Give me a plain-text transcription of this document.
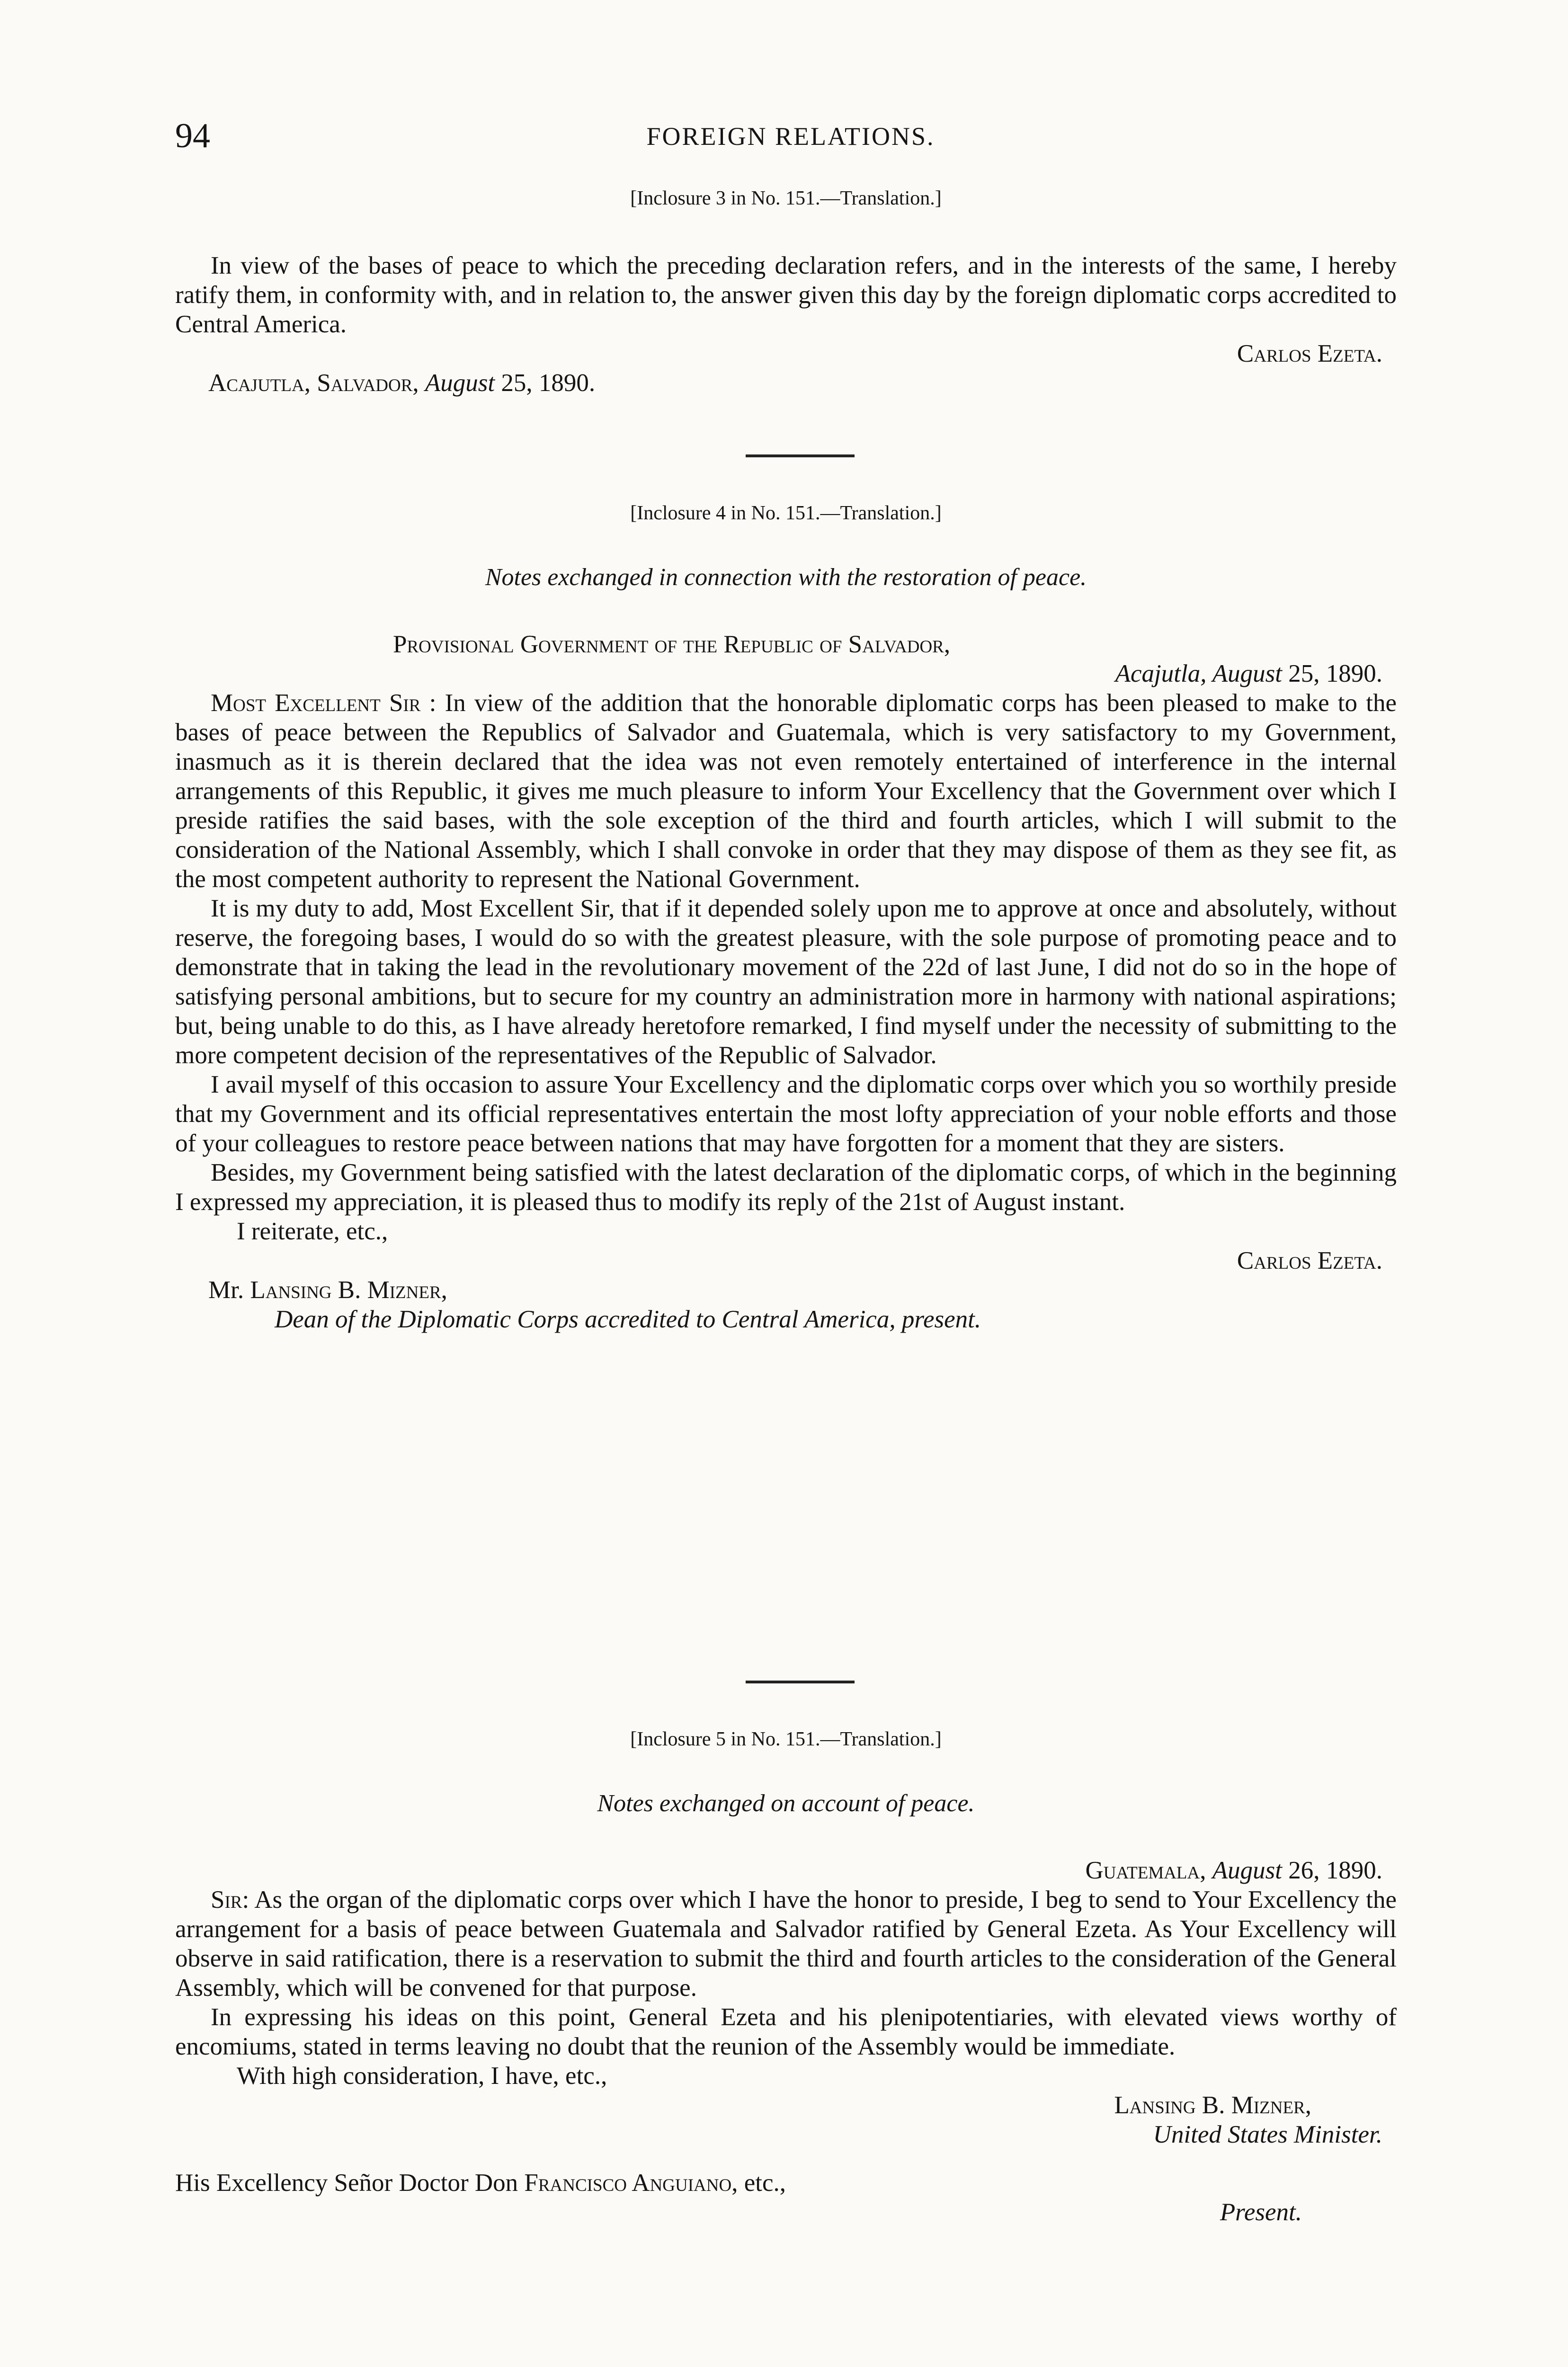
94	FOREIGN RELATIONS.
[Inclosure 3 in No. 151.—Translation.]
In view of the bases of peace to which the preceding declaration refers, and in the interests of the same, I hereby ratify them, in conformity with, and in relation to, the answer given this day by the foreign diplomatic corps accredited to Central America.
Carlos Ezeta.
Acajutla, Salvador, August 25, 1890.
[Inclosure 4 in No. 151.—Translation.]
Notes exchanged in connection with the restoration of peace.
Provisional Government of the Republic of Salvador,
Acajutla, August 25, 1890.
Most Excellent Sir : In view of the addition that the honorable diplomatic corps has been pleased to make to the bases of peace between the Republics of Salvador and Guatemala, which is very satisfactory to my Government, inasmuch as it is therein declared that the idea was not even remotely entertained of interference in the internal arrangements of this Republic, it gives me much pleasure to inform Your Excellency that the Government over which I preside ratifies the said bases, with the sole exception of the third and fourth articles, which I will submit to the consideration of the National Assembly, which I shall convoke in order that they may dispose of them as they see fit, as the most competent authority to represent the National Government.
It is my duty to add, Most Excellent Sir, that if it depended solely upon me to approve at once and absolutely, without reserve, the foregoing bases, I would do so with the greatest pleasure, with the sole purpose of promoting peace and to demonstrate that in taking the lead in the revolutionary movement of the 22d of last June, I did not do so in the hope of satisfying personal ambitions, but to secure for my country an administration more in harmony with national aspirations; but, being unable to do this, as I have already heretofore remarked, I find myself under the necessity of submitting to the more competent decision of the representatives of the Republic of Salvador.
I avail myself of this occasion to assure Your Excellency and the diplomatic corps over which you so worthily preside that my Government and its official representatives entertain the most lofty appreciation of your noble efforts and those of your colleagues to restore peace between nations that may have forgotten for a moment that they are sisters.
Besides, my Government being satisfied with the latest declaration of the diplomatic corps, of which in the beginning I expressed my appreciation, it is pleased thus to modify its reply of the 21st of August instant.
I reiterate, etc.,
Carlos Ezeta.
Mr. Lansing B. Mizner,
Dean of the Diplomatic Corps accredited to Central America, present.
[Inclosure 5 in No. 151.—Translation.]
Notes exchanged on account of peace.
Guatemala, August 26, 1890.
Sir: As the organ of the diplomatic corps over which I have the honor to preside, I beg to send to Your Excellency the arrangement for a basis of peace between Guatemala and Salvador ratified by General Ezeta. As Your Excellency will observe in said ratification, there is a reservation to submit the third and fourth articles to the consideration of the General Assembly, which will be convened for that purpose.
In expressing his ideas on this point, General Ezeta and his plenipotentiaries, with elevated views worthy of encomiums, stated in terms leaving no doubt that the reunion of the Assembly would be immediate.
With high consideration, I have, etc.,
Lansing B. Mizner,
United States Minister.
His Excellency Señor Doctor Don Francisco Anguiano, etc.,
Present.
